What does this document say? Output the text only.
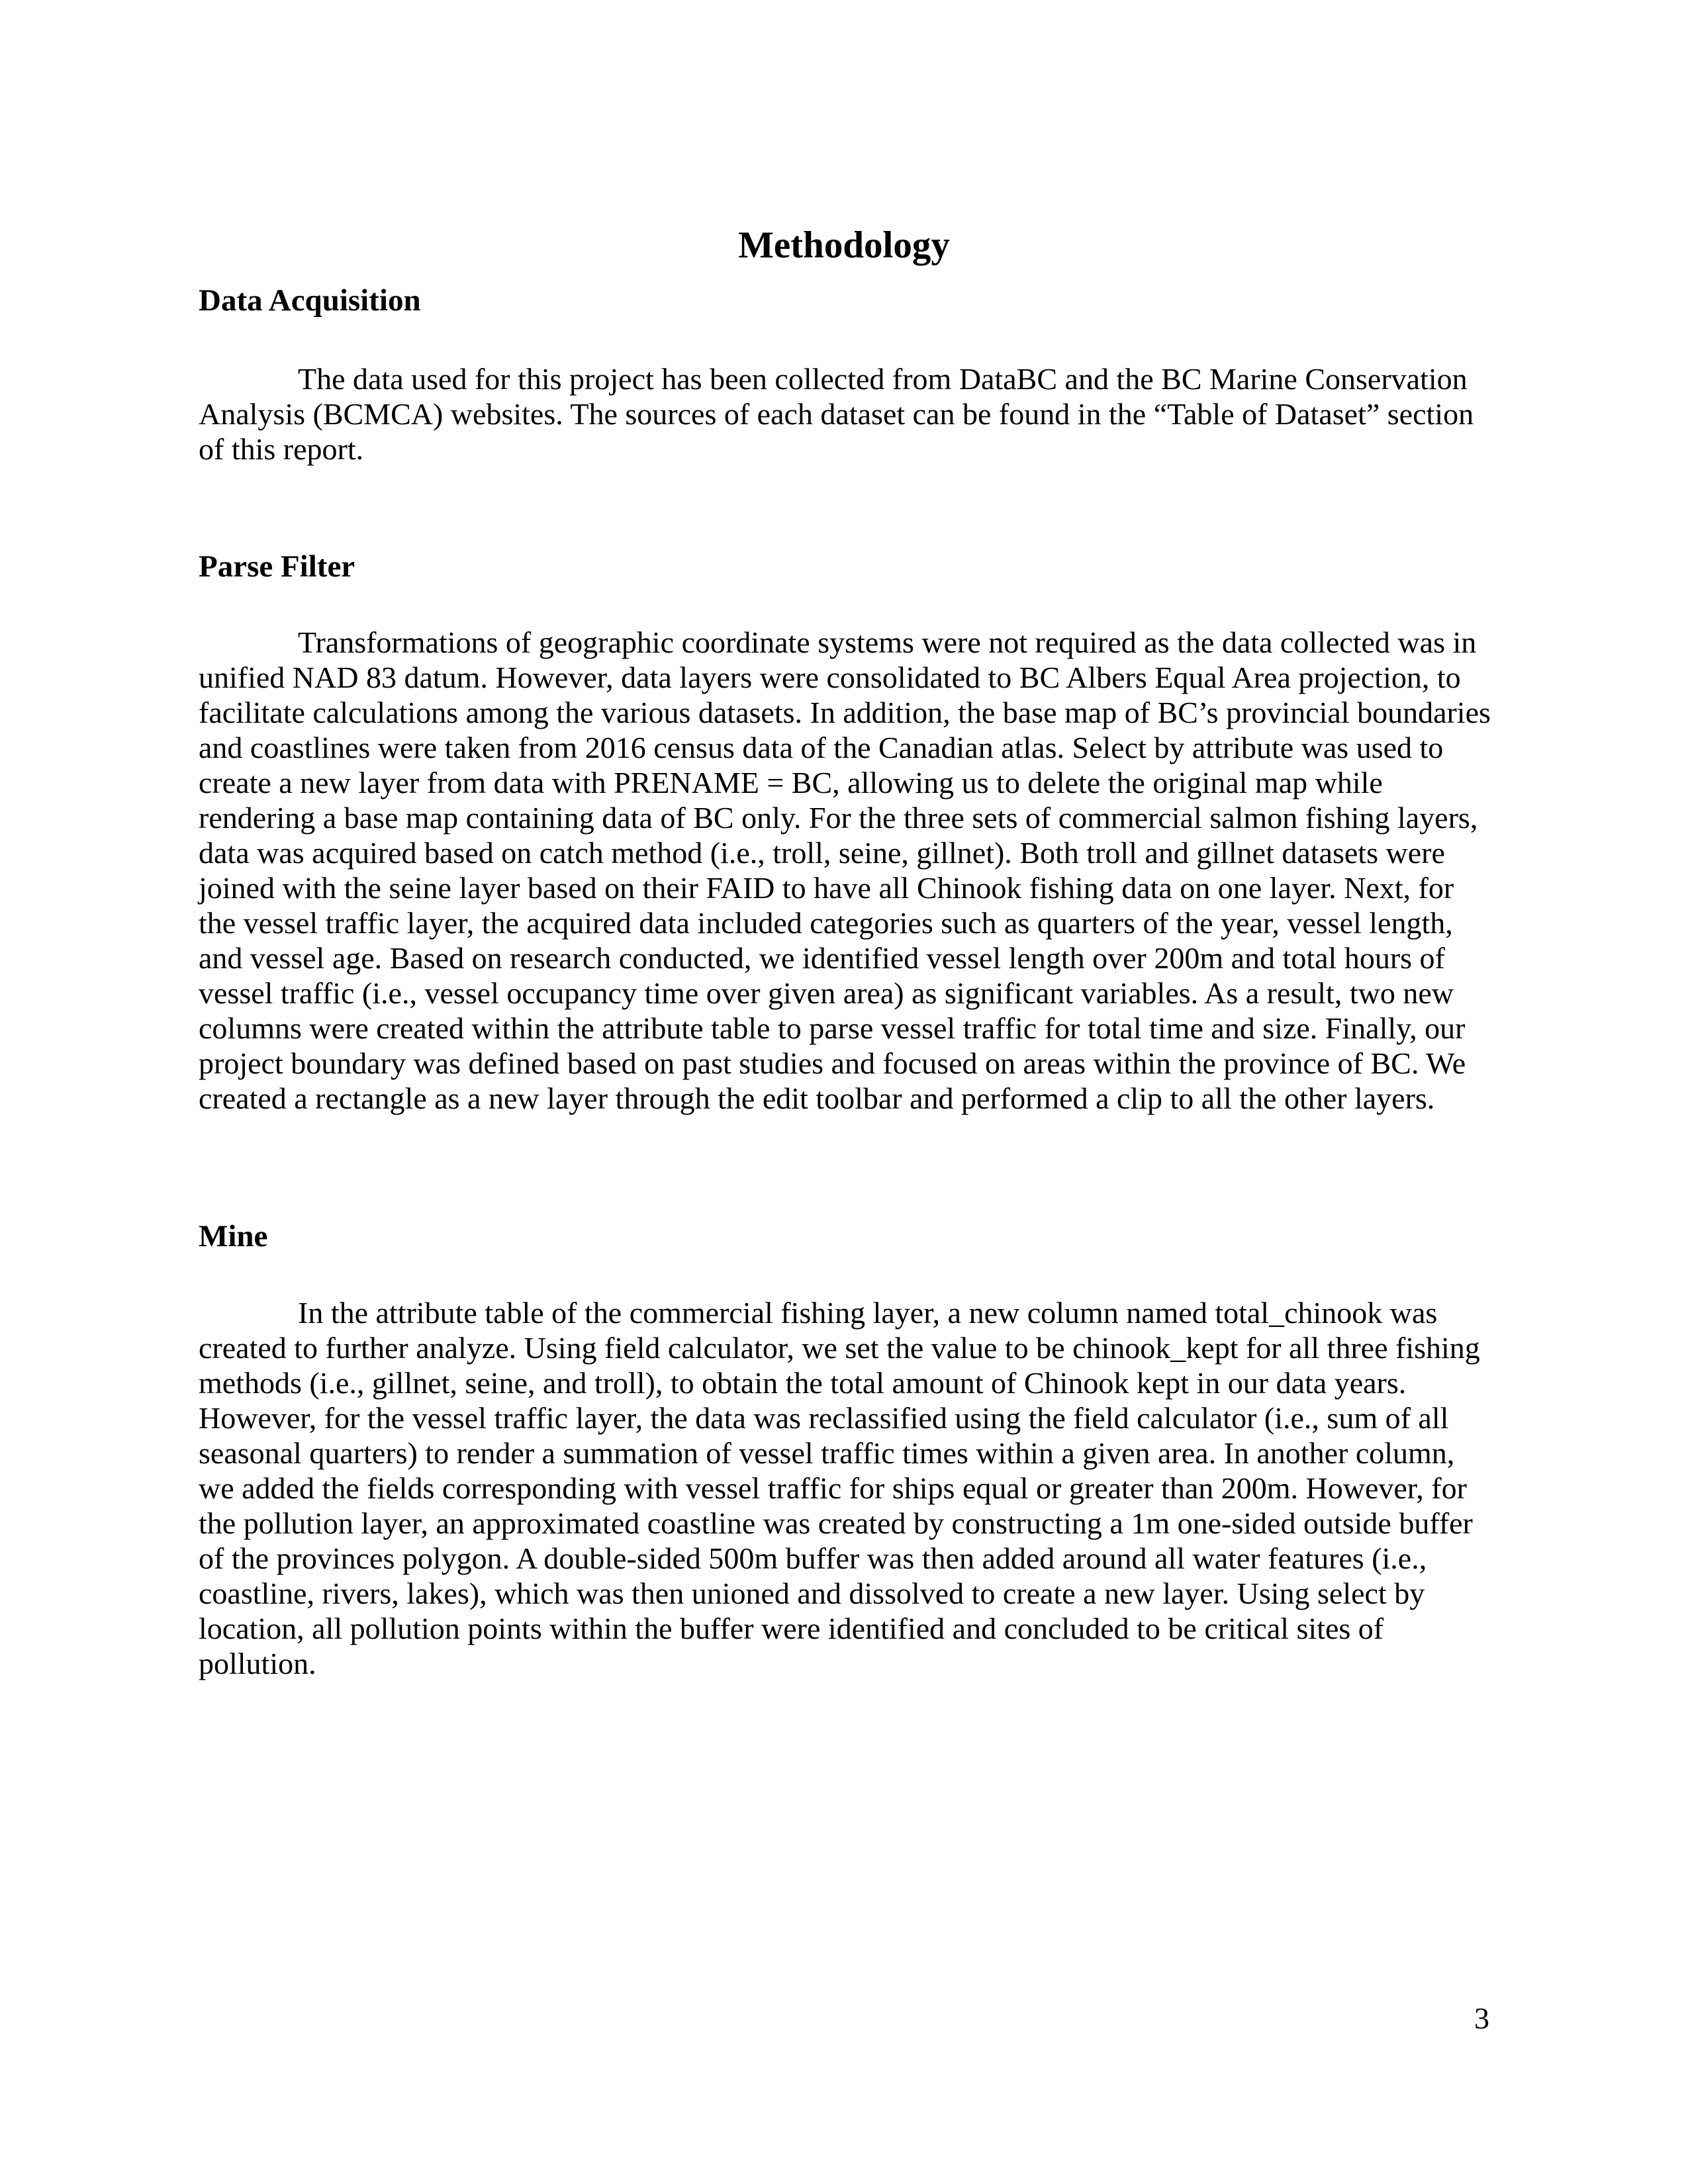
Methodology
Data Acquisition
The data used for this project has been collected from DataBC and the BC Marine Conservation
Analysis (BCMCA) websites. The sources of each dataset can be found in the “Table of Dataset” section
of this report.
Parse Filter
Transformations of geographic coordinate systems were not required as the data collected was in
unified NAD 83 datum. However, data layers were consolidated to BC Albers Equal Area projection, to
facilitate calculations among the various datasets. In addition, the base map of BC’s provincial boundaries
and coastlines were taken from 2016 census data of the Canadian atlas. Select by attribute was used to
create a new layer from data with PRENAME = BC, allowing us to delete the original map while
rendering a base map containing data of BC only. For the three sets of commercial salmon fishing layers,
data was acquired based on catch method (i.e., troll, seine, gillnet). Both troll and gillnet datasets were
joined with the seine layer based on their FAID to have all Chinook fishing data on one layer. Next, for
the vessel traffic layer, the acquired data included categories such as quarters of the year, vessel length,
and vessel age. Based on research conducted, we identified vessel length over 200m and total hours of
vessel traffic (i.e., vessel occupancy time over given area) as significant variables. As a result, two new
columns were created within the attribute table to parse vessel traffic for total time and size. Finally, our
project boundary was defined based on past studies and focused on areas within the province of BC. We
created a rectangle as a new layer through the edit toolbar and performed a clip to all the other layers.
Mine
In the attribute table of the commercial fishing layer, a new column named total_chinook was
created to further analyze. Using field calculator, we set the value to be chinook_kept for all three fishing
methods (i.e., gillnet, seine, and troll), to obtain the total amount of Chinook kept in our data years.
However, for the vessel traffic layer, the data was reclassified using the field calculator (i.e., sum of all
seasonal quarters) to render a summation of vessel traffic times within a given area. In another column,
we added the fields corresponding with vessel traffic for ships equal or greater than 200m. However, for
the pollution layer, an approximated coastline was created by constructing a 1m one-sided outside buffer
of the provinces polygon. A double-sided 500m buffer was then added around all water features (i.e.,
coastline, rivers, lakes), which was then unioned and dissolved to create a new layer. Using select by
location, all pollution points within the buffer were identified and concluded to be critical sites of
pollution.
3
